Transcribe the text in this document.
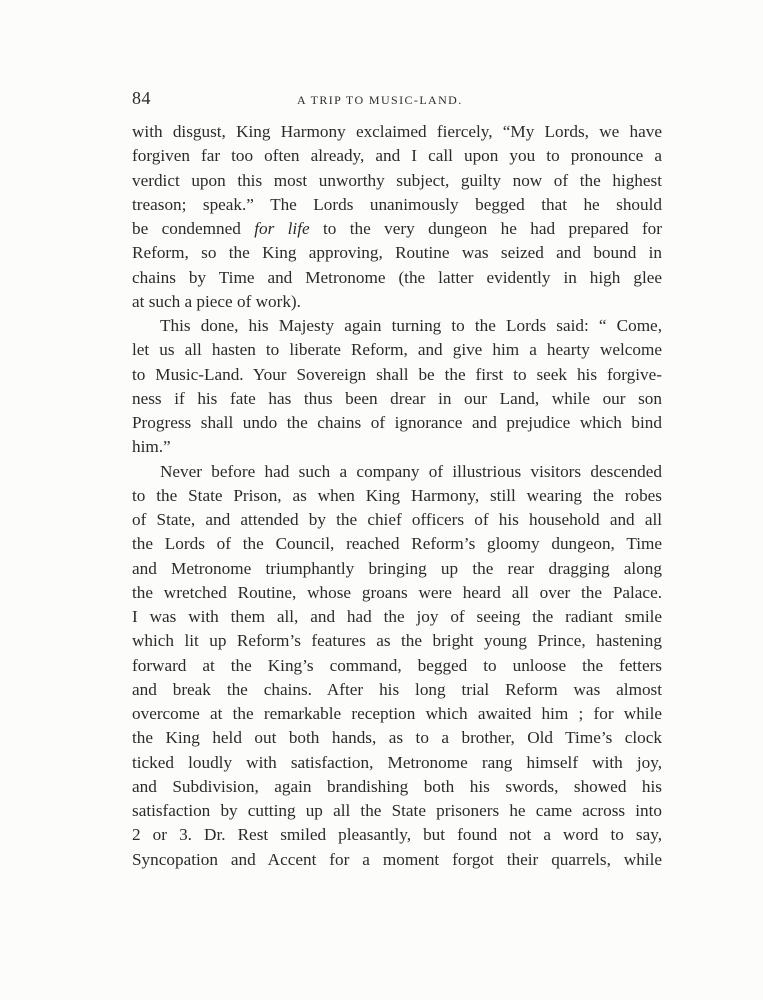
84	A TRIP TO MUSIC-LAND.
with disgust, King Harmony exclaimed fiercely, “My Lords, we have
forgiven far too often already, and I call upon you to pronounce a
verdict upon this most unworthy subject, guilty now of the highest
treason; speak.” The Lords unanimously begged that he should
be condemned for life to the very dungeon he had prepared for
Reform, so the King approving, Routine was seized and bound in
chains by Time and Metronome (the latter evidently in high glee
at such a piece of work).
This done, his Majesty again turning to the Lords said: “ Come,
let us all hasten to liberate Reform, and give him a hearty welcome
to Music-Land. Your Sovereign shall be the first to seek his forgive-
ness if his fate has thus been drear in our Land, while our son
Progress shall undo the chains of ignorance and prejudice which bind
him.”
Never before had such a company of illustrious visitors descended
to the State Prison, as when King Harmony, still wearing the robes
of State, and attended by the chief officers of his household and all
the Lords of the Council, reached Reform’s gloomy dungeon, Time
and Metronome triumphantly bringing up the rear dragging along
the wretched Routine, whose groans were heard all over the Palace.
I was with them all, and had the joy of seeing the radiant smile
which lit up Reform’s features as the bright young Prince, hastening
forward at the King’s command, begged to unloose the fetters
and break the chains. After his long trial Reform was almost
overcome at the remarkable reception which awaited him ; for while
the King held out both hands, as to a brother, Old Time’s clock
ticked loudly with satisfaction, Metronome rang himself with joy,
and Subdivision, again brandishing both his swords, showed his
satisfaction by cutting up all the State prisoners he came across into
2 or 3. Dr. Rest smiled pleasantly, but found not a word to say,
Syncopation and Accent for a moment forgot their quarrels, while
